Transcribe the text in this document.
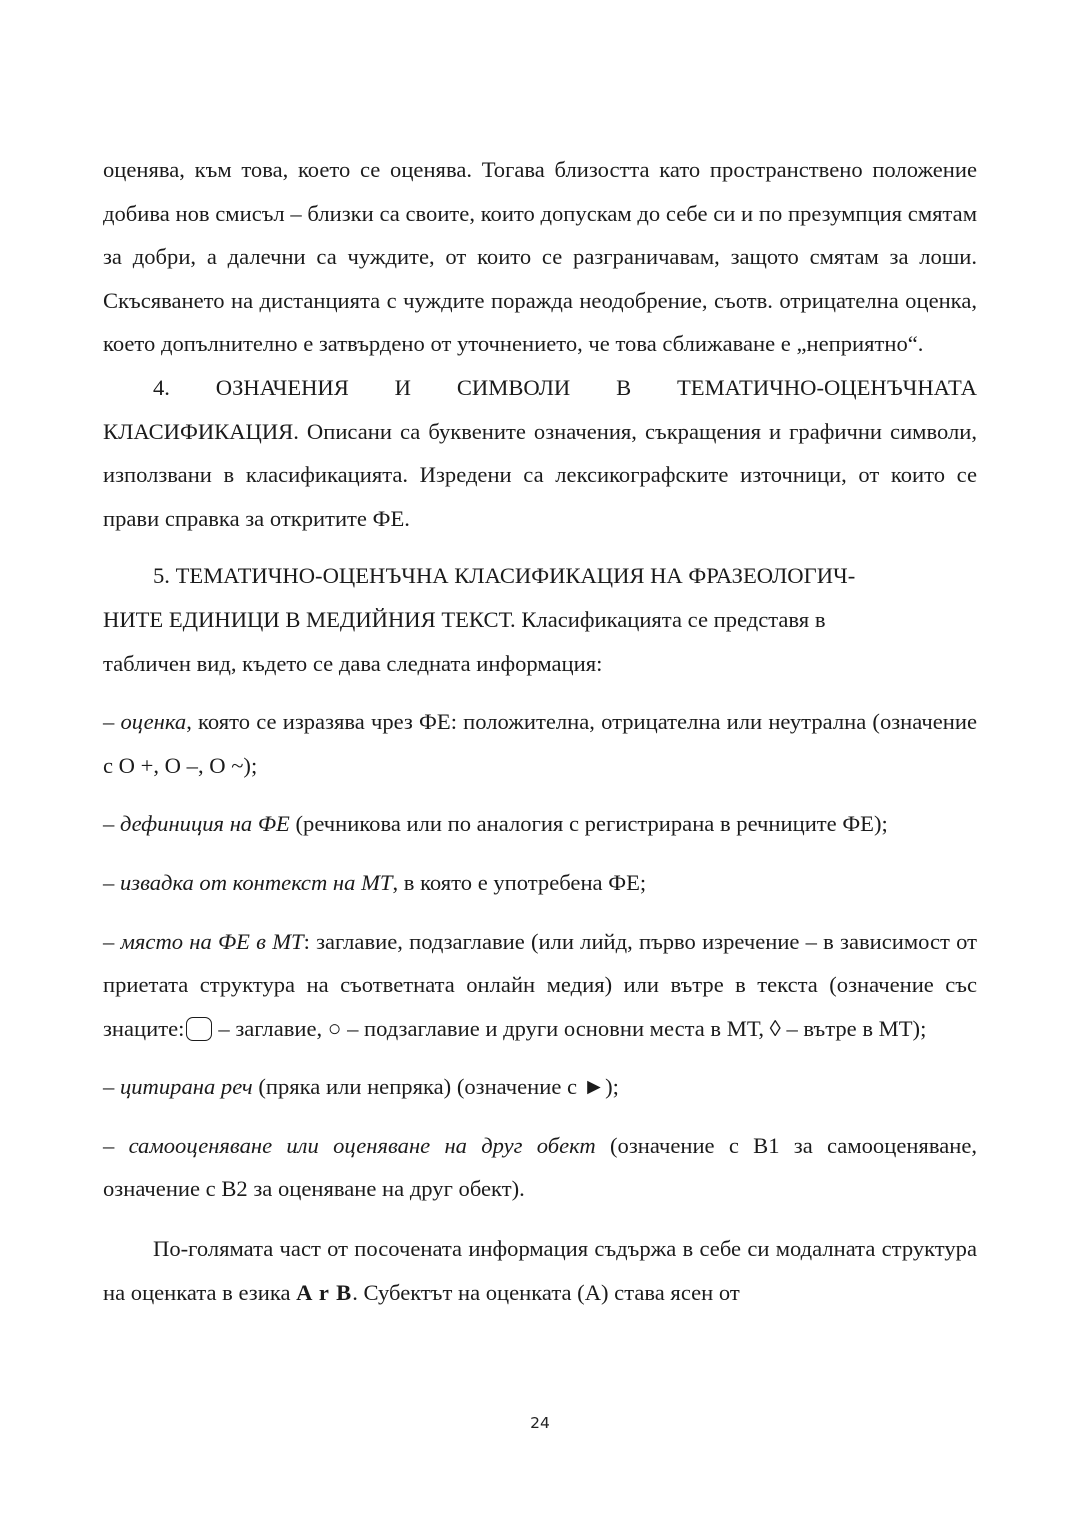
оценява, към това, което се оценява. Тогава близостта като пространствено положение добива нов смисъл – близки са своите, които допускам до себе си и по презумпция смятам за добри, а далечни са чуждите, от които се разграничавам, защото смятам за лоши. Скъсяването на дистанцията с чуждите поражда неодобрение, съотв. отрицателна оценка, което допълнително е затвърдено от уточнението, че това сближаване е „неприятно“.

4. ОЗНАЧЕНИЯ И СИМВОЛИ В ТЕМАТИЧНО-ОЦЕНЪЧНАТА КЛАСИФИКАЦИЯ. Описани са буквените означения, съкращения и графични символи, използвани в класификацията. Изредени са лексикографските източници, от които се прави справка за откритите ФЕ.

5. ТЕМАТИЧНО-ОЦЕНЪЧНА КЛАСИФИКАЦИЯ НА ФРАЗЕОЛОГИЧ-
НИТЕ ЕДИНИЦИ В МЕДИЙНИЯ ТЕКСТ. Класификацията се представя в
табличен вид, където се дава следната информация:

– оценка, която се изразява чрез ФЕ: положителна, отрицателна или неутрална (означение с О +, О –, О ~);

– дефиниция на ФЕ (речникова или по аналогия с регистрирана в речниците ФЕ);

– извадка от контекст на МТ, в която е употребена ФЕ;

– място на ФЕ в МТ: заглавие, подзаглавие (или лийд, първо изречение – в зависимост от приетата структура на съответната онлайн медия) или вътре в текста (означение със знаците: – заглавие, ○ – подзаглавие и други основни места в МТ, ◊ – вътре в МТ);

– цитирана реч (пряка или непряка) (означение с ►);

– самооценяване или оценяване на друг обект (означение с В1 за самооценяване, означение с В2 за оценяване на друг обект).

По-голямата част от посочената информация съдържа в себе си модалната структура на оценката в езика A r B. Субектът на оценката (А) става ясен от

24
